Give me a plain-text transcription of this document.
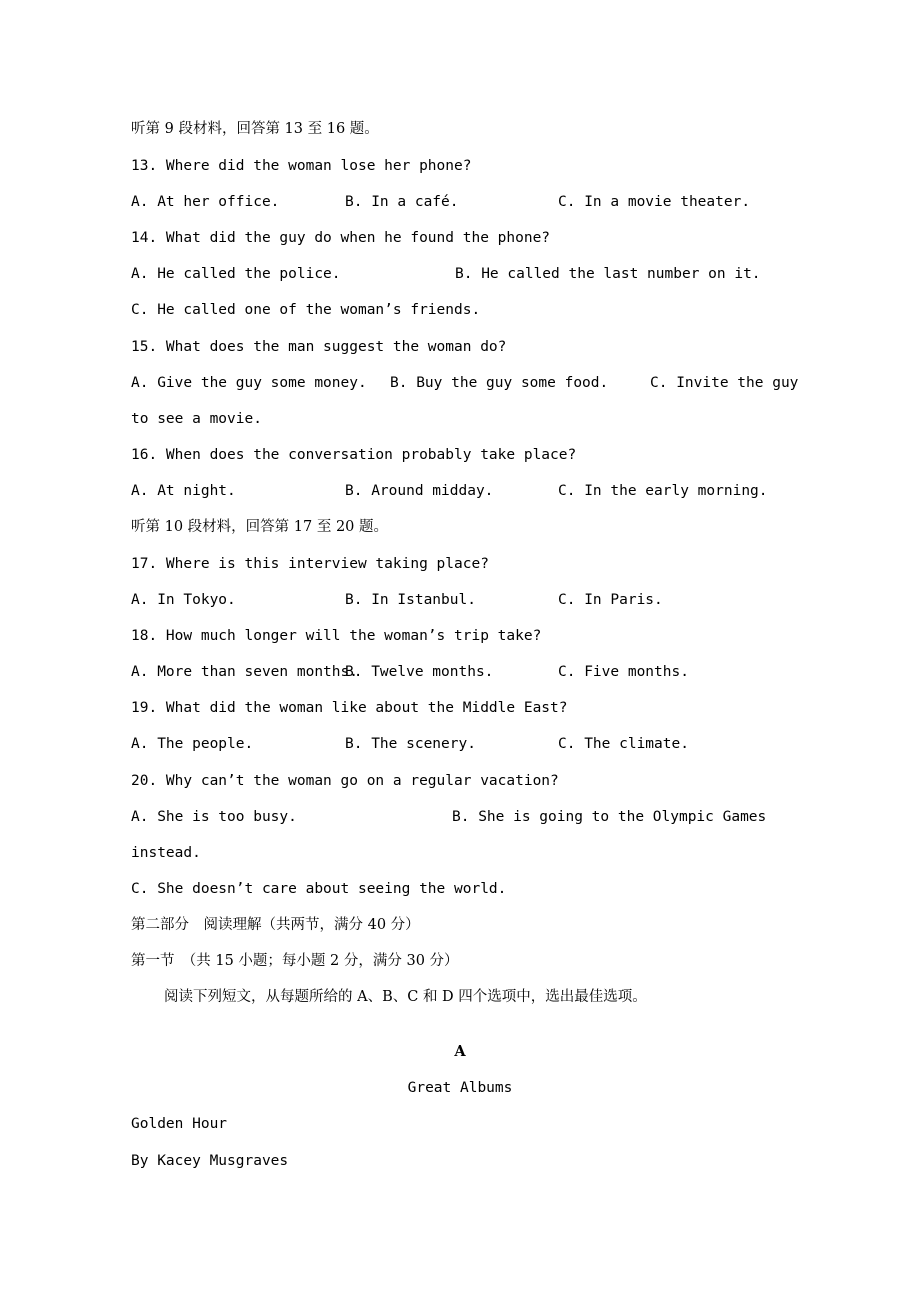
听第 9 段材料，回答第 13 至 16 题。
13. Where did the woman lose her phone?
A. At her office.	B. In a café.	C. In a movie theater.
14. What did the guy do when he found the phone?
A. He called the police.	B. He called the last number on it.
C. He called one of the woman’s friends.
15. What does the man suggest the woman do?
A. Give the guy some money. B. Buy the guy some food.	C. Invite the guy
to see a movie.
16. When does the conversation probably take place?
A. At night.	B. Around midday.	C. In the early morning.
听第 10 段材料，回答第 17 至 20 题。
17. Where is this interview taking place?
A. In Tokyo.	B. In Istanbul.	C. In Paris.
18. How much longer will the woman’s trip take?
A. More than seven months.
B. Twelve months.	C. Five months.
19. What did the woman like about the Middle East?
A. The people.	B. The scenery.	C. The climate.
20. Why can’t the woman go on a regular vacation?
A. She is too busy.	B. She is going to the Olympic Games
instead.
C. She doesn’t care about seeing the world.
第二部分　阅读理解（共两节，满分 40 分）
第一节　（共 15 小题；每小题 2 分，满分 30 分）
阅读下列短文，从每题所给的 A、B、C 和 D 四个选项中，选出最佳选项。
A
Great Albums
Golden Hour
By Kacey Musgraves
